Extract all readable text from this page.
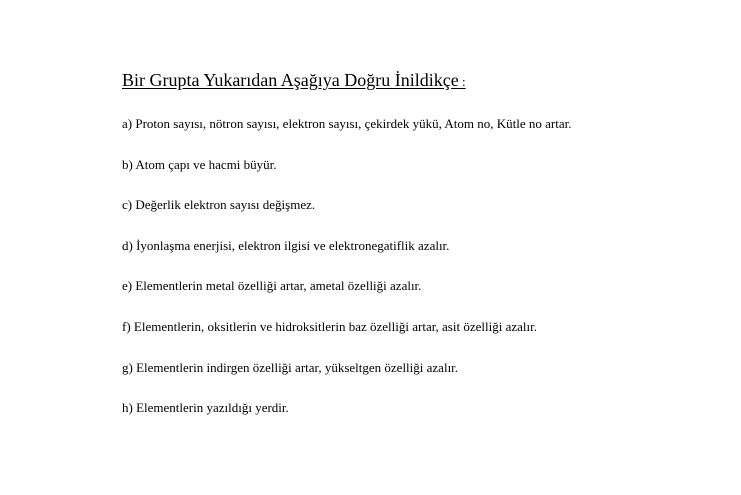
Bir Grupta Yukarıdan Aşağıya Doğru İnildikçe :
a) Proton sayısı, nötron sayısı, elektron sayısı, çekirdek yükü, Atom no, Kütle no artar.
b) Atom çapı ve hacmi büyür.
c) Değerlik elektron sayısı değişmez.
d) İyonlaşma enerjisi, elektron ilgisi ve elektronegatiflik azalır.
e) Elementlerin metal özelliği artar, ametal özelliği azalır.
f) Elementlerin, oksitlerin ve hidroksitlerin baz özelliği artar, asit özelliği azalır.
g) Elementlerin indirgen özelliği artar, yükseltgen özelliği azalır.
h) Elementlerin yazıldığı yerdir.
